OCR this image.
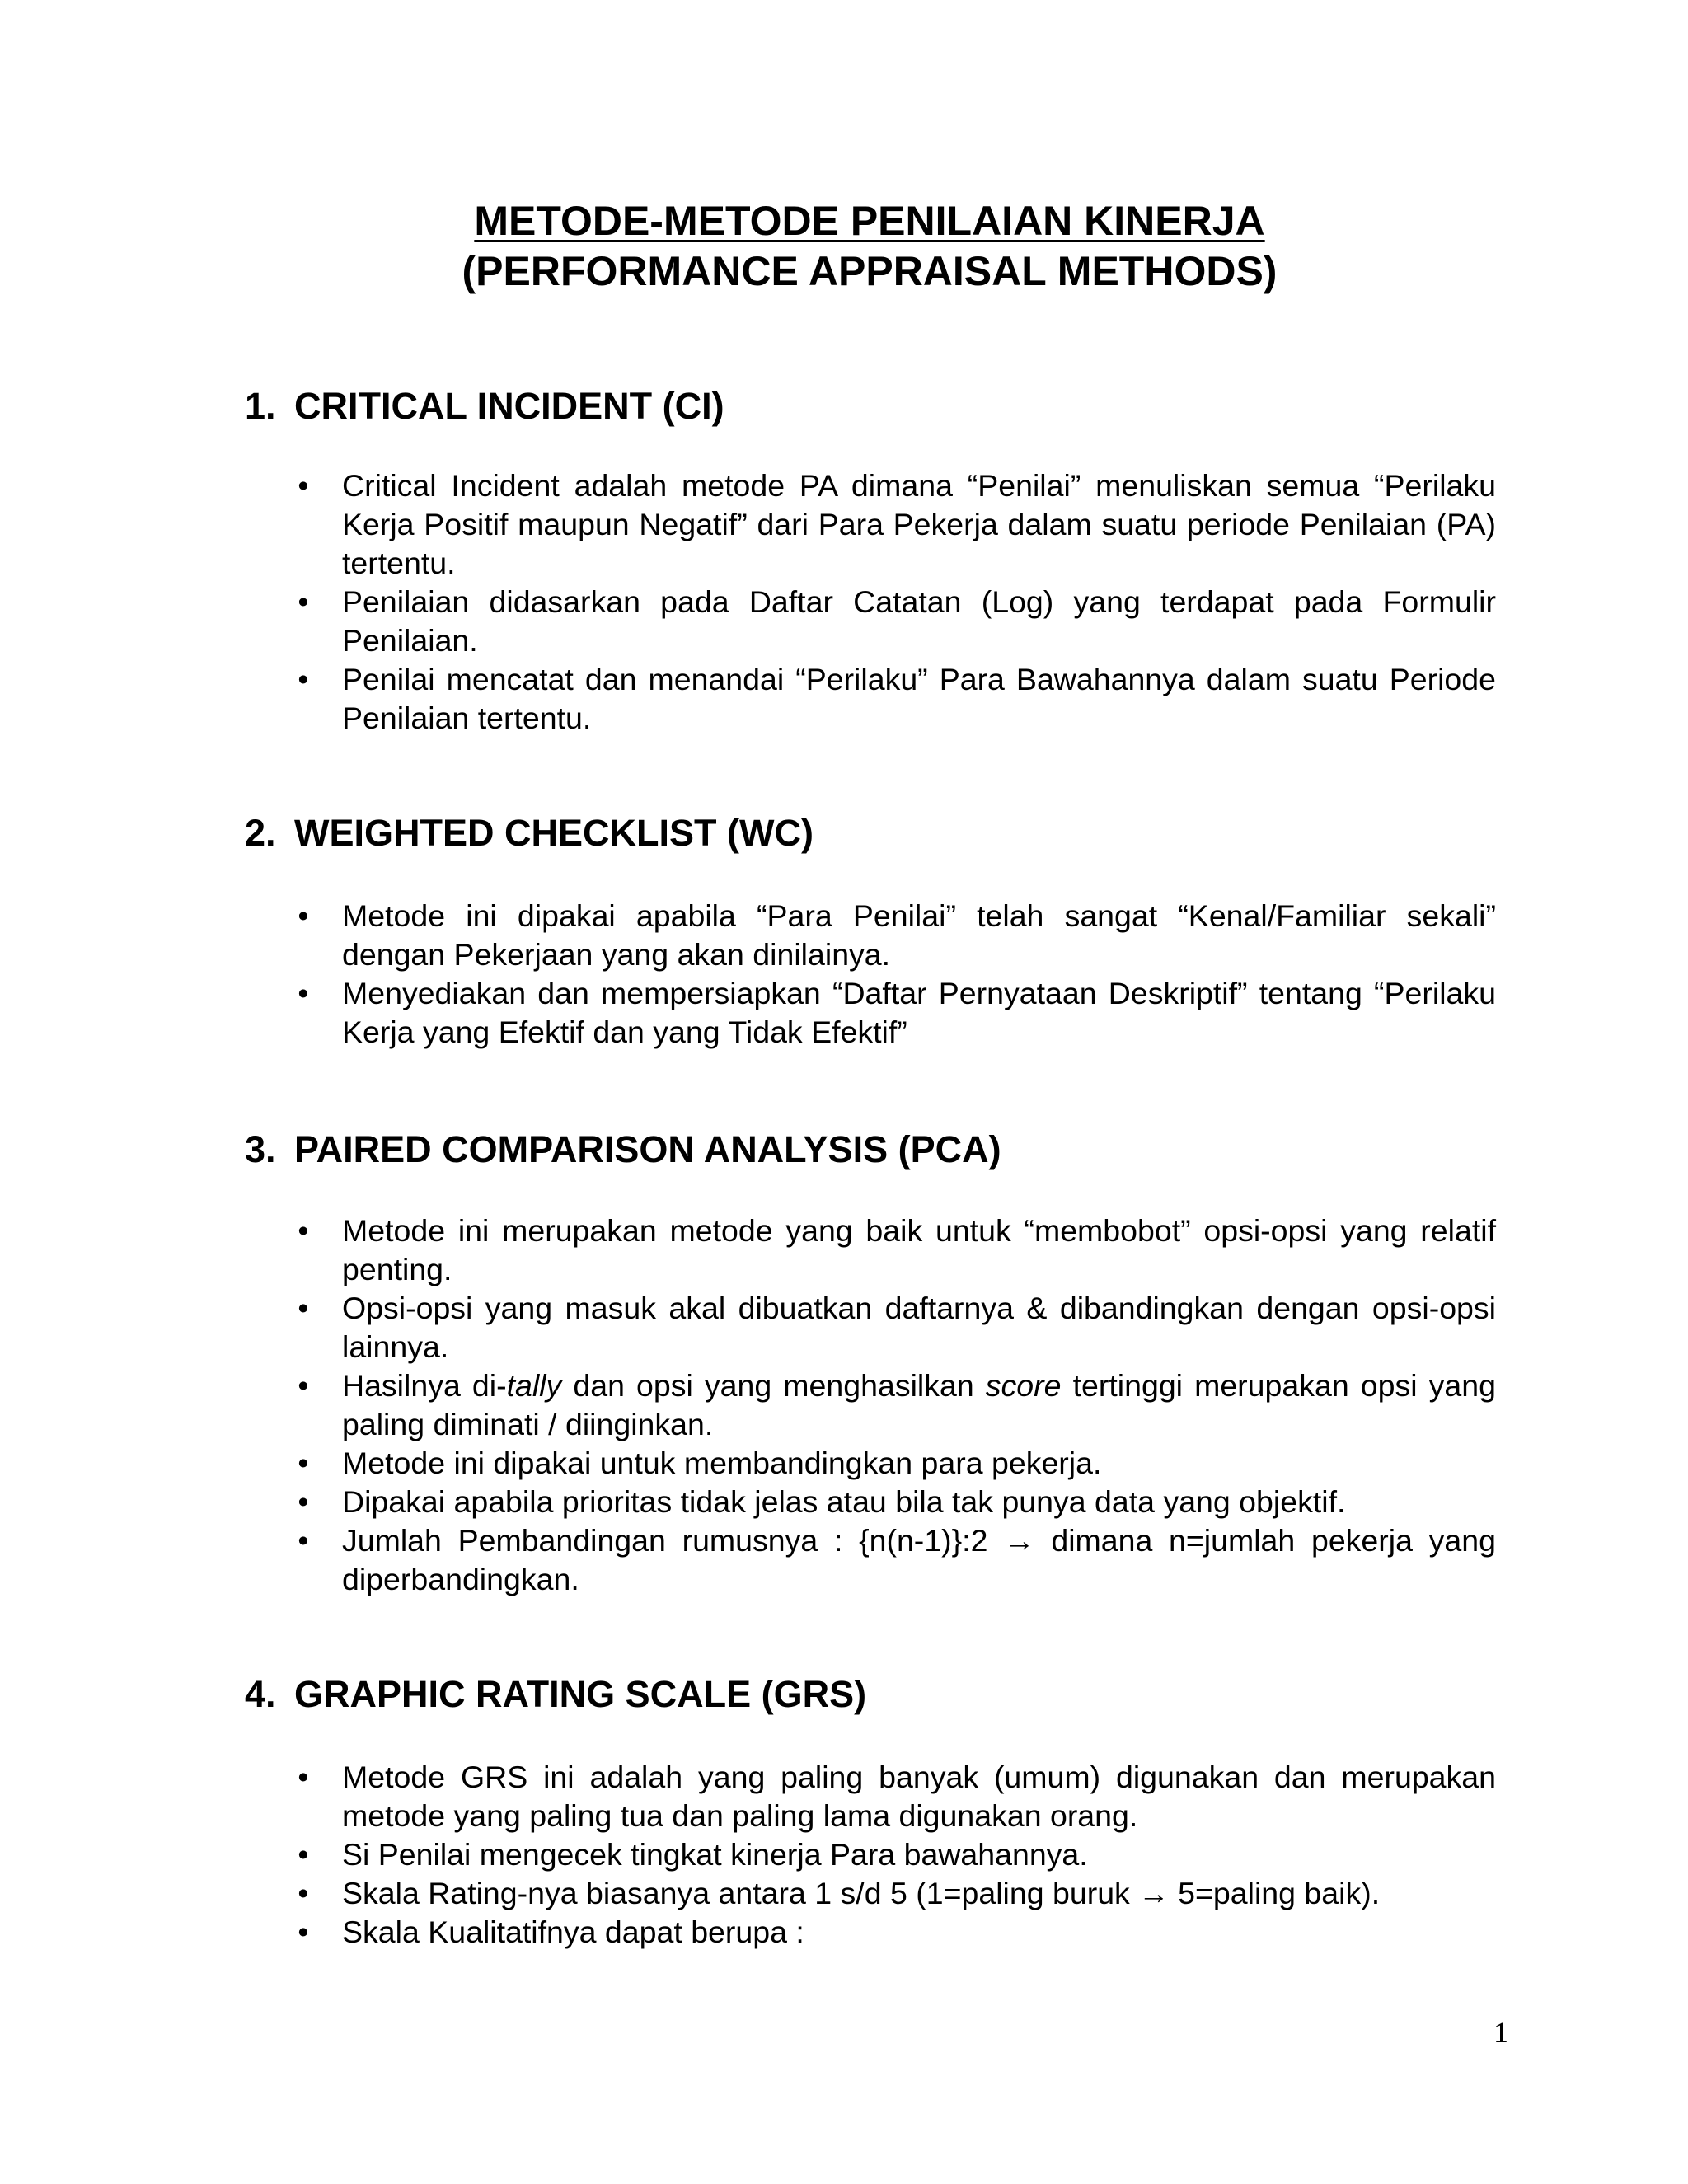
METODE-METODE PENILAIAN KINERJA
(PERFORMANCE APPRAISAL METHODS)
1. CRITICAL INCIDENT (CI)
• Critical Incident adalah metode PA dimana “Penilai” menuliskan semua “Perilaku Kerja Positif maupun Negatif” dari Para Pekerja dalam suatu periode Penilaian (PA) tertentu.
• Penilaian didasarkan pada Daftar Catatan (Log) yang terdapat pada Formulir Penilaian.
• Penilai mencatat dan menandai “Perilaku” Para Bawahannya dalam suatu Periode Penilaian tertentu.
2. WEIGHTED CHECKLIST (WC)
• Metode ini dipakai apabila “Para Penilai” telah sangat “Kenal/Familiar sekali” dengan Pekerjaan yang akan dinilainya.
• Menyediakan dan mempersiapkan “Daftar Pernyataan Deskriptif” tentang “Perilaku Kerja yang Efektif dan yang Tidak Efektif”
3. PAIRED COMPARISON ANALYSIS (PCA)
• Metode ini merupakan metode yang baik untuk “membobot” opsi-opsi yang relatif penting.
• Opsi-opsi yang masuk akal dibuatkan daftarnya & dibandingkan dengan opsi-opsi lainnya.
• Hasilnya di-tally dan opsi yang menghasilkan score tertinggi merupakan opsi yang paling diminati / diinginkan.
• Metode ini dipakai untuk membandingkan para pekerja.
• Dipakai apabila prioritas tidak jelas atau bila tak punya data yang objektif.
• Jumlah Pembandingan rumusnya : {n(n-1)}:2 → dimana n=jumlah pekerja yang diperbandingkan.
4. GRAPHIC RATING SCALE (GRS)
• Metode GRS ini adalah yang paling banyak (umum) digunakan dan merupakan metode yang paling tua dan paling lama digunakan orang.
• Si Penilai mengecek tingkat kinerja Para bawahannya.
• Skala Rating-nya biasanya antara 1 s/d 5 (1=paling buruk → 5=paling baik).
• Skala Kualitatifnya dapat berupa :
1
